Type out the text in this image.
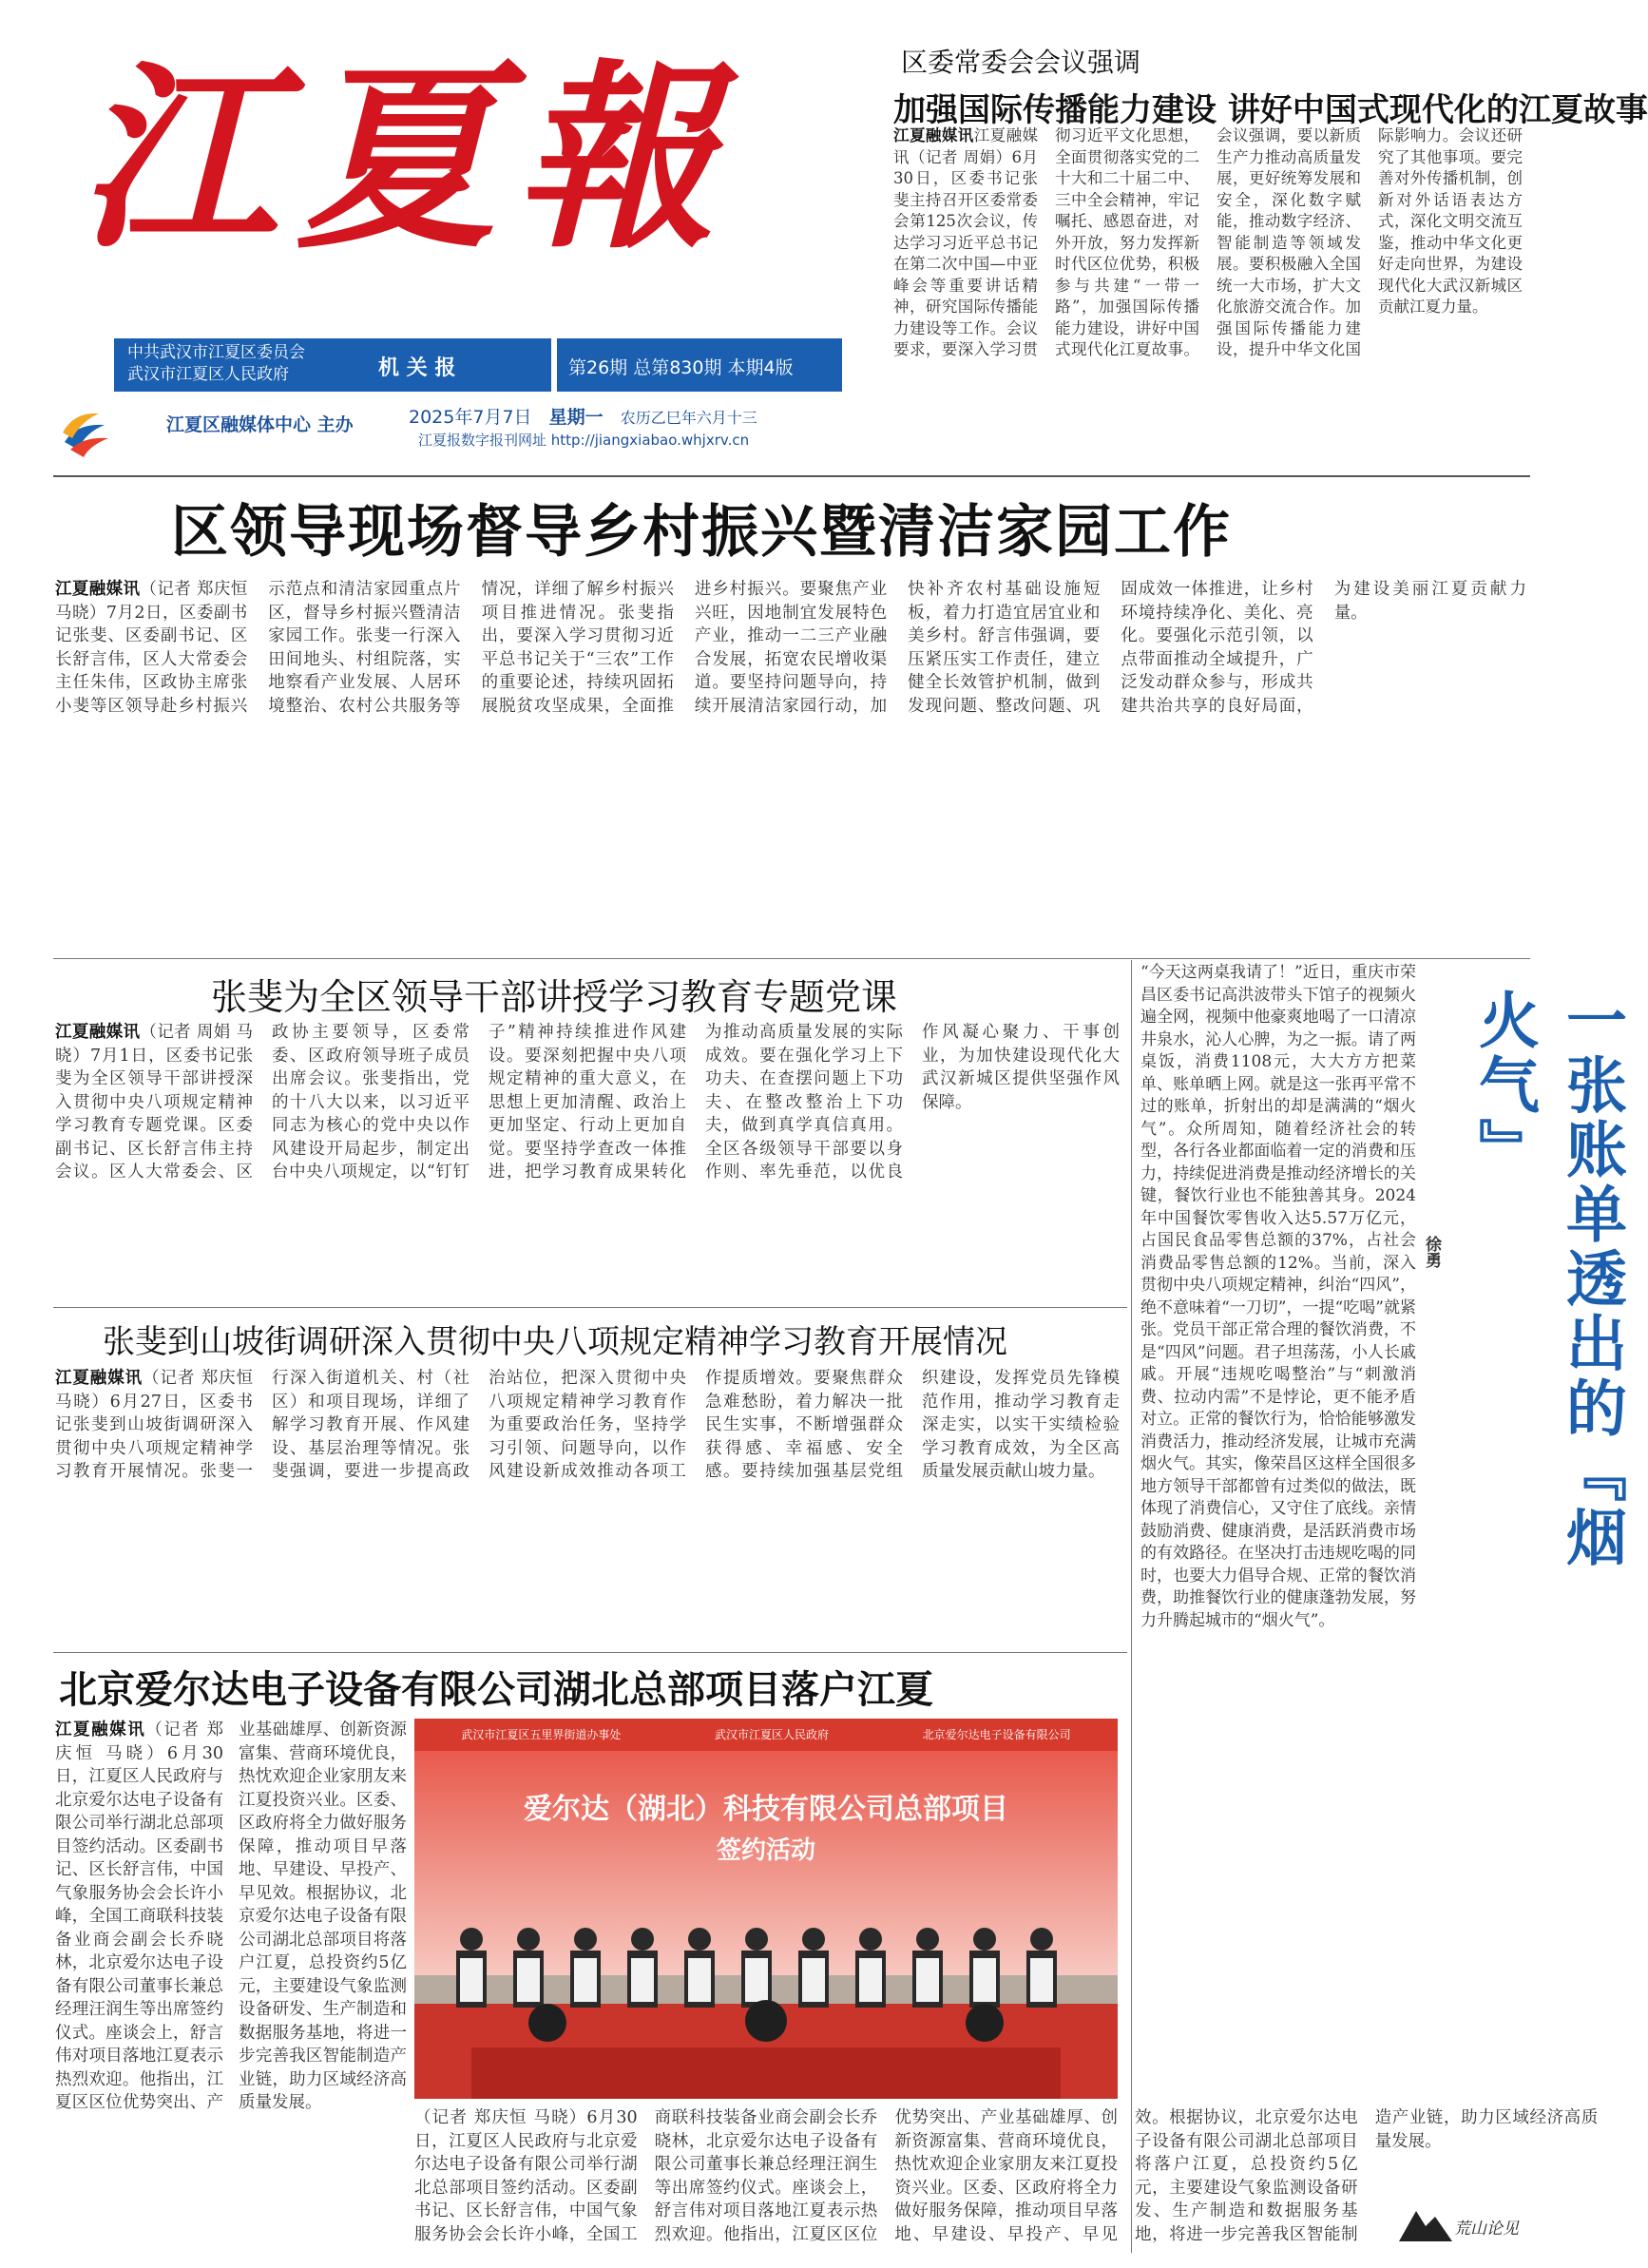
江夏報
中共武汉市江夏区委员会
武汉市江夏区人民政府	机 关 报	第26期 总第830期 本期4版
江夏区融媒体中心 主办	2025年7月7日 星期一 农历乙巳年六月十三
江夏报数字报刊网址 http://jiangxiabao.whjxrv.cn
区委常委会会议强调
加强国际传播能力建设 讲好中国式现代化的江夏故事
江夏融媒讯江夏融媒讯（记者 周娟）6月30日，区委书记张斐主持召开区委常委会第125次会议，传达学习习近平总书记在第二次中国—中亚峰会等重要讲话精神，研究国际传播能力建设等工作。会议要求，要深入学习贯彻习近平文化思想，全面贯彻落实党的二十大和二十届二中、三中全会精神，牢记嘱托、感恩奋进，对外开放，努力发挥新时代区位优势，积极参与共建“一带一路”，加强国际传播能力建设，讲好中国式现代化江夏故事。会议强调，要以新质生产力推动高质量发展，更好统筹发展和安全，深化数字赋能，推动数字经济、智能制造等领域发展。要积极融入全国统一大市场，扩大文化旅游交流合作。加强国际传播能力建设，提升中华文化国际影响力。会议还研究了其他事项。要完善对外传播机制，创新对外话语表达方式，深化文明交流互鉴，推动中华文化更好走向世界，为建设现代化大武汉新城区贡献江夏力量。
区领导现场督导乡村振兴暨清洁家园工作
江夏融媒讯（记者 郑庆恒 马晓）7月2日，区委副书记张斐、区委副书记、区长舒言伟，区人大常委会主任朱伟，区政协主席张小斐等区领导赴乡村振兴示范点和清洁家园重点片区，督导乡村振兴暨清洁家园工作。张斐一行深入田间地头、村组院落，实地察看产业发展、人居环境整治、农村公共服务等情况，详细了解乡村振兴项目推进情况。张斐指出，要深入学习贯彻习近平总书记关于“三农”工作的重要论述，持续巩固拓展脱贫攻坚成果，全面推进乡村振兴。要聚焦产业兴旺，因地制宜发展特色产业，推动一二三产业融合发展，拓宽农民增收渠道。要坚持问题导向，持续开展清洁家园行动，加快补齐农村基础设施短板，着力打造宜居宜业和美乡村。舒言伟强调，要压紧压实工作责任，建立健全长效管护机制，做到发现问题、整改问题、巩固成效一体推进，让乡村环境持续净化、美化、亮化。要强化示范引领，以点带面推动全域提升，广泛发动群众参与，形成共建共治共享的良好局面，为建设美丽江夏贡献力量。
张斐为全区领导干部讲授学习教育专题党课
江夏融媒讯（记者 周娟 马晓）7月1日，区委书记张斐为全区领导干部讲授深入贯彻中央八项规定精神学习教育专题党课。区委副书记、区长舒言伟主持会议。区人大常委会、区政协主要领导，区委常委、区政府领导班子成员出席会议。张斐指出，党的十八大以来，以习近平同志为核心的党中央以作风建设开局起步，制定出台中央八项规定，以“钉钉子”精神持续推进作风建设。要深刻把握中央八项规定精神的重大意义，在思想上更加清醒、政治上更加坚定、行动上更加自觉。要坚持学查改一体推进，把学习教育成果转化为推动高质量发展的实际成效。要在强化学习上下功夫、在查摆问题上下功夫、在整改整治上下功夫，做到真学真信真用。全区各级领导干部要以身作则、率先垂范，以优良作风凝心聚力、干事创业，为加快建设现代化大武汉新城区提供坚强作风保障。
张斐到山坡街调研深入贯彻中央八项规定精神学习教育开展情况
江夏融媒讯（记者 郑庆恒 马晓）6月27日，区委书记张斐到山坡街调研深入贯彻中央八项规定精神学习教育开展情况。张斐一行深入街道机关、村（社区）和项目现场，详细了解学习教育开展、作风建设、基层治理等情况。张斐强调，要进一步提高政治站位，把深入贯彻中央八项规定精神学习教育作为重要政治任务，坚持学习引领、问题导向，以作风建设新成效推动各项工作提质增效。要聚焦群众急难愁盼，着力解决一批民生实事，不断增强群众获得感、幸福感、安全感。要持续加强基层党组织建设，发挥党员先锋模范作用，推动学习教育走深走实，以实干实绩检验学习教育成效，为全区高质量发展贡献山坡力量。
北京爱尔达电子设备有限公司湖北总部项目落户江夏
江夏融媒讯（记者 郑庆恒 马晓）6月30日，江夏区人民政府与北京爱尔达电子设备有限公司举行湖北总部项目签约活动。区委副书记、区长舒言伟，中国气象服务协会会长许小峰，全国工商联科技装备业商会副会长乔晓林，北京爱尔达电子设备有限公司董事长兼总经理汪润生等出席签约仪式。座谈会上，舒言伟对项目落地江夏表示热烈欢迎。他指出，江夏区区位优势突出、产业基础雄厚、创新资源富集、营商环境优良，热忱欢迎企业家朋友来江夏投资兴业。区委、区政府将全力做好服务保障，推动项目早落地、早建设、早投产、早见效。根据协议，北京爱尔达电子设备有限公司湖北总部项目将落户江夏，总投资约5亿元，主要建设气象监测设备研发、生产制造和数据服务基地，将进一步完善我区智能制造产业链，助力区域经济高质量发展。
武汉市江夏区五里界街道办事处	武汉市江夏区人民政府	北京爱尔达电子设备有限公司
爱尔达（湖北）科技有限公司总部项目
签约活动
（记者 郑庆恒 马晓）6月30日，江夏区人民政府与北京爱尔达电子设备有限公司举行湖北总部项目签约活动。区委副书记、区长舒言伟，中国气象服务协会会长许小峰，全国工商联科技装备业商会副会长乔晓林，北京爱尔达电子设备有限公司董事长兼总经理汪润生等出席签约仪式。座谈会上，舒言伟对项目落地江夏表示热烈欢迎。他指出，江夏区区位优势突出、产业基础雄厚、创新资源富集、营商环境优良，热忱欢迎企业家朋友来江夏投资兴业。区委、区政府将全力做好服务保障，推动项目早落地、早建设、早投产、早见效。根据协议，北京爱尔达电子设备有限公司湖北总部项目将落户江夏，总投资约5亿元，主要建设气象监测设备研发、生产制造和数据服务基地，将进一步完善我区智能制造产业链，助力区域经济高质量发展。
一张账单透出的『烟火气』
徐勇
“今天这两桌我请了！”近日，重庆市荣昌区委书记高洪波带头下馆子的视频火遍全网，视频中他豪爽地喝了一口清凉井泉水，沁人心脾，为之一振。请了两桌饭，消费1108元，大大方方把菜单、账单晒上网。就是这一张再平常不过的账单，折射出的却是满满的“烟火气”。众所周知，随着经济社会的转型，各行各业都面临着一定的消费和压力，持续促进消费是推动经济增长的关键，餐饮行业也不能独善其身。2024年中国餐饮零售收入达5.57万亿元，占国民食品零售总额的37%，占社会消费品零售总额的12%。当前，深入贯彻中央八项规定精神，纠治“四风”，绝不意味着“一刀切”，一提“吃喝”就紧张。党员干部正常合理的餐饮消费，不是“四风”问题。君子坦荡荡，小人长戚戚。开展“违规吃喝整治”与“刺激消费、拉动内需”不是悖论，更不能矛盾对立。正常的餐饮行为，恰恰能够激发消费活力，推动经济发展，让城市充满烟火气。其实，像荣昌区这样全国很多地方领导干部都曾有过类似的做法，既体现了消费信心，又守住了底线。亲情鼓励消费、健康消费，是活跃消费市场的有效路径。在坚决打击违规吃喝的同时，也要大力倡导合规、正常的餐饮消费，助推餐饮行业的健康蓬勃发展，努力升腾起城市的“烟火气”。
荒山论见
